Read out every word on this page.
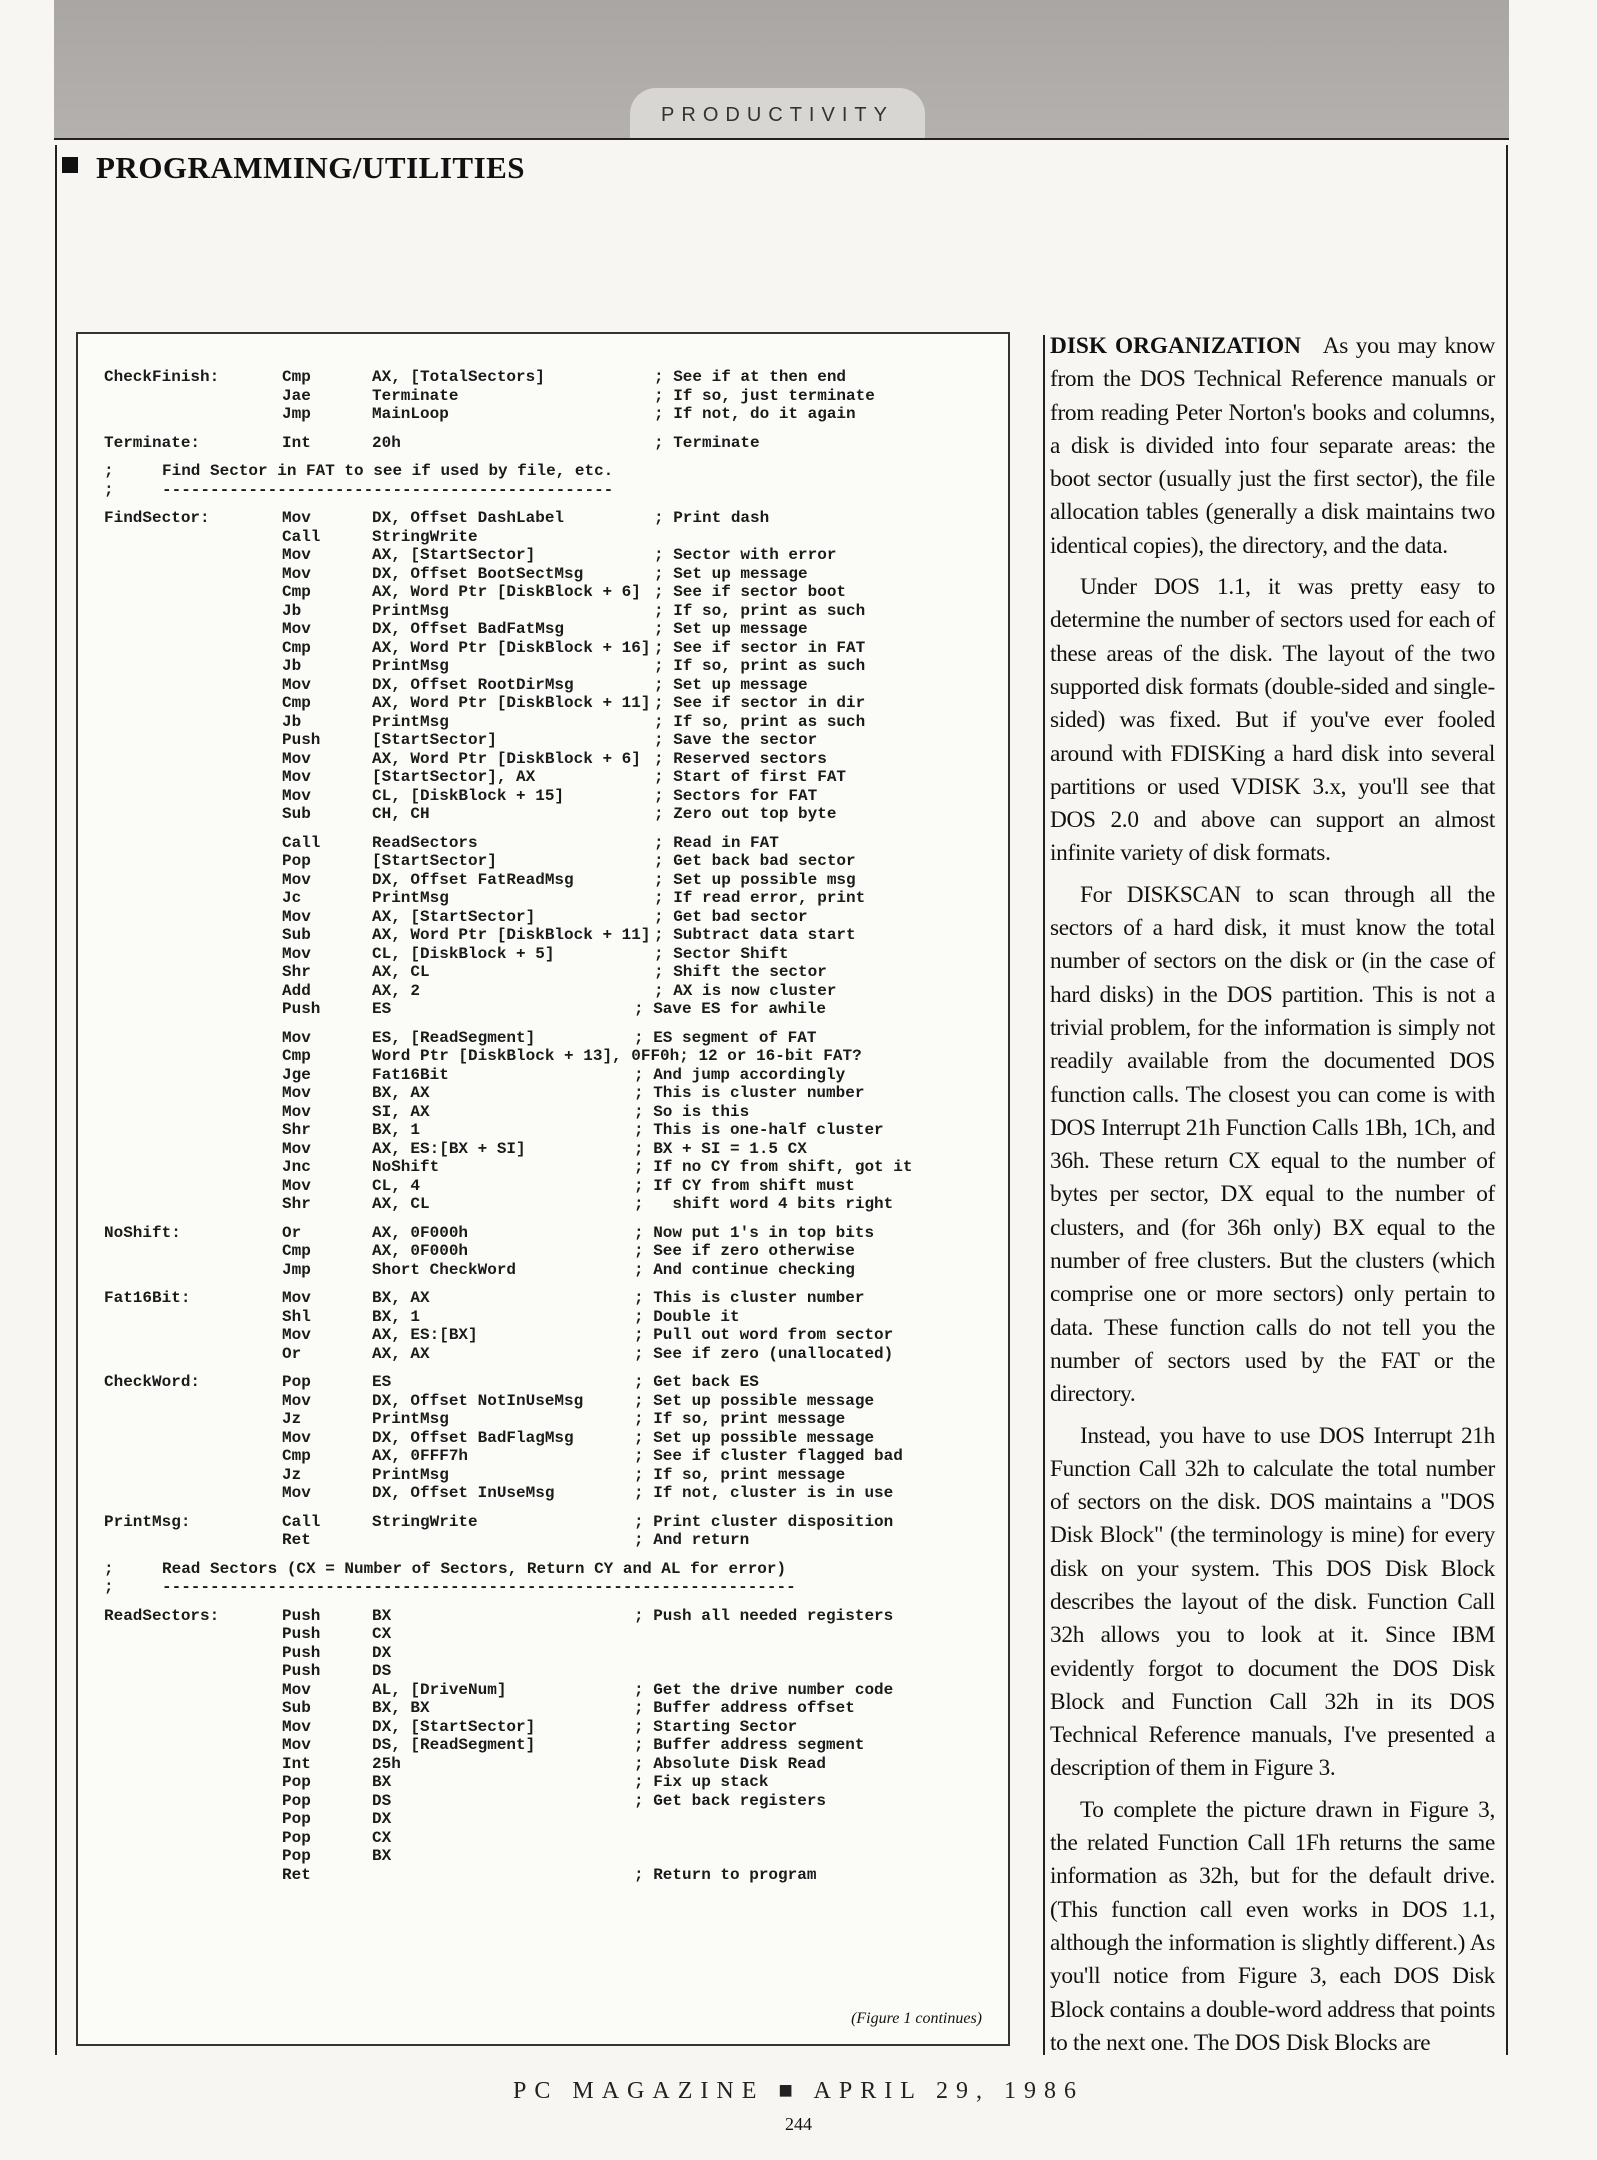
PRODUCTIVITY
PROGRAMMING/UTILITIES
CheckFinish:	Cmp	AX, [TotalSectors]	; See if at then end
Jae	Terminate	; If so, just terminate
Jmp	MainLoop	; If not, do it again
Terminate:	Int	20h	; Terminate
;	Find Sector in FAT to see if used by file, etc.
;	-----------------------------------------------
FindSector:	Mov	DX, Offset DashLabel	; Print dash
Call	StringWrite
Mov	AX, [StartSector]	; Sector with error
Mov	DX, Offset BootSectMsg	; Set up message
Cmp	AX, Word Ptr [DiskBlock + 6] ; See if sector boot
Jb	PrintMsg	; If so, print as such
Mov	DX, Offset BadFatMsg	; Set up message
Cmp	AX, Word Ptr [DiskBlock + 16] ; See if sector in FAT
Jb	PrintMsg	; If so, print as such
Mov	DX, Offset RootDirMsg	; Set up message
Cmp	AX, Word Ptr [DiskBlock + 11] ; See if sector in dir
Jb	PrintMsg	; If so, print as such
Push	[StartSector]	; Save the sector
Mov	AX, Word Ptr [DiskBlock + 6] ; Reserved sectors
Mov	[StartSector], AX	; Start of first FAT
Mov	CL, [DiskBlock + 15]	; Sectors for FAT
Sub	CH, CH	; Zero out top byte
Call	ReadSectors	; Read in FAT
Pop	[StartSector]	; Get back bad sector
Mov	DX, Offset FatReadMsg	; Set up possible msg
Jc	PrintMsg	; If read error, print
Mov	AX, [StartSector]	; Get bad sector
Sub	AX, Word Ptr [DiskBlock + 11] ; Subtract data start
Mov	CL, [DiskBlock + 5]	; Sector Shift
Shr	AX, CL	; Shift the sector
Add	AX, 2	; AX is now cluster
Push	ES	; Save ES for awhile
Mov	ES, [ReadSegment]	; ES segment of FAT
Cmp	Word Ptr [DiskBlock + 13], 0FF0h; 12 or 16-bit FAT?
Jge	Fat16Bit	; And jump accordingly
Mov	BX, AX	; This is cluster number
Mov	SI, AX	; So is this
Shr	BX, 1	; This is one-half cluster
Mov	AX, ES:[BX + SI]	; BX + SI = 1.5 CX
Jnc	NoShift	; If no CY from shift, got it
Mov	CL, 4	; If CY from shift must
Shr	AX, CL	;   shift word 4 bits right
NoShift:	Or	AX, 0F000h	; Now put 1's in top bits
Cmp	AX, 0F000h	; See if zero otherwise
Jmp	Short CheckWord	; And continue checking
Fat16Bit:	Mov	BX, AX	; This is cluster number
Shl	BX, 1	; Double it
Mov	AX, ES:[BX]	; Pull out word from sector
Or	AX, AX	; See if zero (unallocated)
CheckWord:	Pop	ES	; Get back ES
Mov	DX, Offset NotInUseMsg	; Set up possible message
Jz	PrintMsg	; If so, print message
Mov	DX, Offset BadFlagMsg	; Set up possible message
Cmp	AX, 0FFF7h	; See if cluster flagged bad
Jz	PrintMsg	; If so, print message
Mov	DX, Offset InUseMsg	; If not, cluster is in use
PrintMsg:	Call	StringWrite	; Print cluster disposition
Ret	; And return
;	Read Sectors (CX = Number of Sectors, Return CY and AL for error)
;	------------------------------------------------------------------
ReadSectors:	Push	BX	; Push all needed registers
Push	CX
Push	DX
Push	DS
Mov	AL, [DriveNum]	; Get the drive number code
Sub	BX, BX	; Buffer address offset
Mov	DX, [StartSector]	; Starting Sector
Mov	DS, [ReadSegment]	; Buffer address segment
Int	25h	; Absolute Disk Read
Pop	BX	; Fix up stack
Pop	DS	; Get back registers
Pop	DX
Pop	CX
Pop	BX
Ret	; Return to program
(Figure 1 continues)

DISK ORGANIZATION As you may know from the DOS Technical Reference manuals or from reading Peter Norton's books and columns, a disk is divided into four separate areas: the boot sector (usually just the first sector), the file allocation tables (generally a disk maintains two identical copies), the directory, and the data.

Under DOS 1.1, it was pretty easy to determine the number of sectors used for each of these areas of the disk. The layout of the two supported disk formats (double-sided and single-sided) was fixed. But if you've ever fooled around with FDISKing a hard disk into several partitions or used VDISK 3.x, you'll see that DOS 2.0 and above can support an almost infinite variety of disk formats.

For DISKSCAN to scan through all the sectors of a hard disk, it must know the total number of sectors on the disk or (in the case of hard disks) in the DOS partition. This is not a trivial problem, for the information is simply not readily available from the documented DOS function calls. The closest you can come is with DOS Interrupt 21h Function Calls 1Bh, 1Ch, and 36h. These return CX equal to the number of bytes per sector, DX equal to the number of clusters, and (for 36h only) BX equal to the number of free clusters. But the clusters (which comprise one or more sectors) only pertain to data. These function calls do not tell you the number of sectors used by the FAT or the directory.

Instead, you have to use DOS Interrupt 21h Function Call 32h to calculate the total number of sectors on the disk. DOS maintains a "DOS Disk Block" (the terminology is mine) for every disk on your system. This DOS Disk Block describes the layout of the disk. Function Call 32h allows you to look at it. Since IBM evidently forgot to document the DOS Disk Block and Function Call 32h in its DOS Technical Reference manuals, I've presented a description of them in Figure 3.

To complete the picture drawn in Figure 3, the related Function Call 1Fh returns the same information as 32h, but for the default drive. (This function call even works in DOS 1.1, although the information is slightly different.) As you'll notice from Figure 3, each DOS Disk Block contains a double-word address that points to the next one. The DOS Disk Blocks are

PC MAGAZINE ■ APRIL 29, 1986
244
